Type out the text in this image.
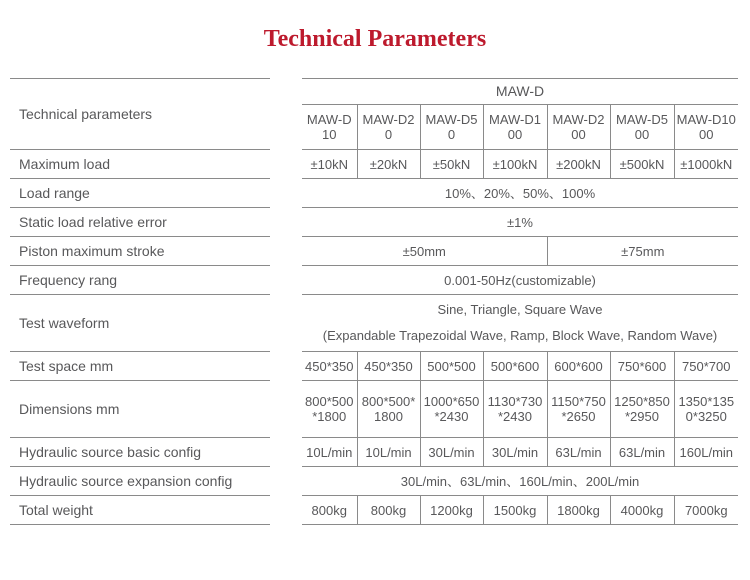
Technical Parameters
Technical parameters		MAW-D						
		MAW-D10	MAW-D20	MAW-D50	MAW-D100	MAW-D200	MAW-D500	MAW-D1000
Maximum load		±10kN	±20kN	±50kN	±100kN	±200kN	±500kN	±1000kN
Load range		10%、20%、50%、100%						
Static load relative error		±1%						
Piston maximum stroke		±50mm				±75mm		
Frequency rang		0.001-50Hz(customizable)						
Test waveform		Sine, Triangle, Square Wave
(Expandable Trapezoidal Wave, Ramp, Block Wave, Random Wave)						

Test space mm		450*350	450*350	500*500	500*600	600*600	750*600	750*700
Dimensions mm		800*500*1800	800*500*1800	1000*650*2430	1130*730*2430	1150*750*2650	1250*850*2950	1350*1350*3250
Hydraulic source basic config		10L/min	10L/min	30L/min	30L/min	63L/min	63L/min	160L/min
Hydraulic source expansion config		30L/min、63L/min、160L/min、200L/min						
Total weight		800kg	800kg	1200kg	1500kg	1800kg	4000kg	7000kg
